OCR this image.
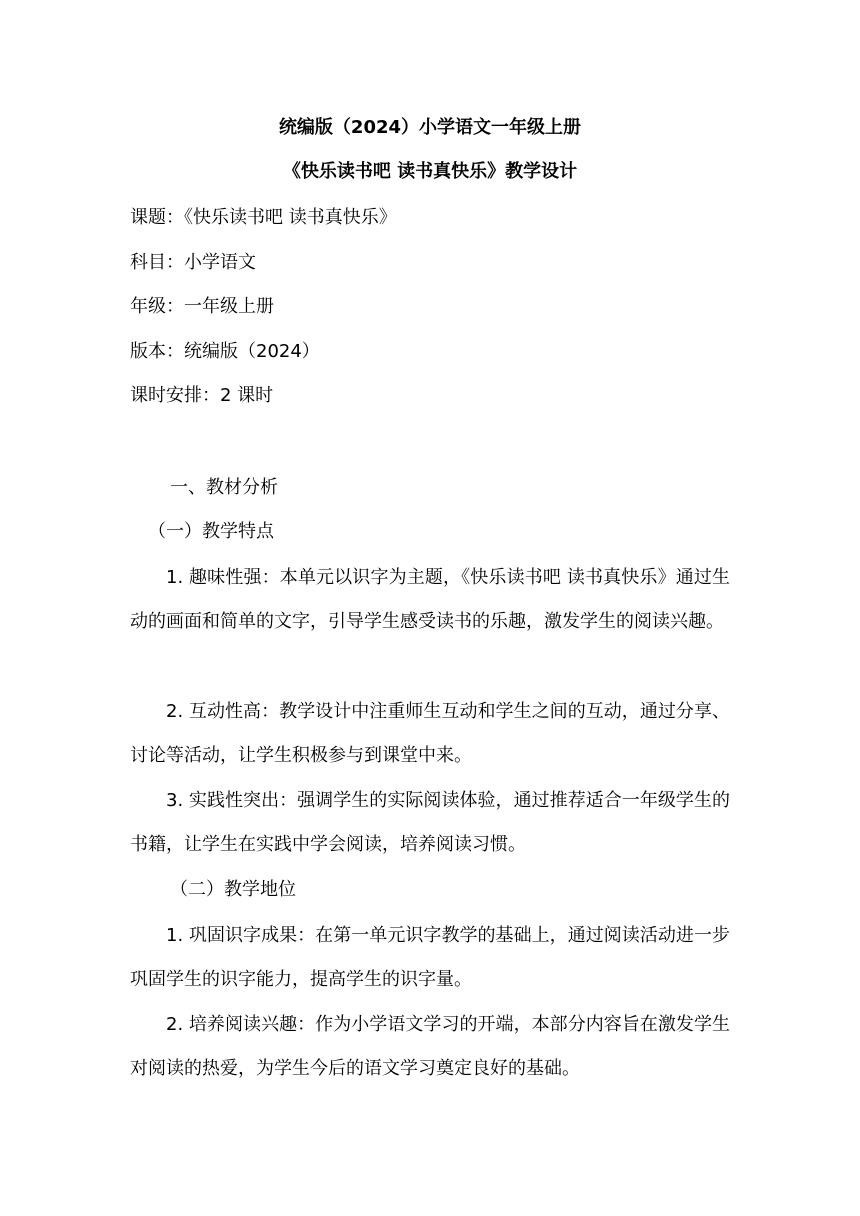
统编版（2024）小学语文一年级上册
《快乐读书吧 读书真快乐》教学设计
课题：《快乐读书吧 读书真快乐》
科目：小学语文
年级：一年级上册
版本：统编版（2024）
课时安排：2 课时
一、教材分析
（一）教学特点

1. 趣味性强：本单元以识字为主题，《快乐读书吧 读书真快乐》通过生动的画面和简单的文字，引导学生感受读书的乐趣，激发学生的阅读兴趣。

2. 互动性高：教学设计中注重师生互动和学生之间的互动，通过分享、讨论等活动，让学生积极参与到课堂中来。

3. 实践性突出：强调学生的实际阅读体验，通过推荐适合一年级学生的书籍，让学生在实践中学会阅读，培养阅读习惯。

（二）教学地位

1. 巩固识字成果：在第一单元识字教学的基础上，通过阅读活动进一步巩固学生的识字能力，提高学生的识字量。

2. 培养阅读兴趣：作为小学语文学习的开端，本部分内容旨在激发学生对阅读的热爱，为学生今后的语文学习奠定良好的基础。
